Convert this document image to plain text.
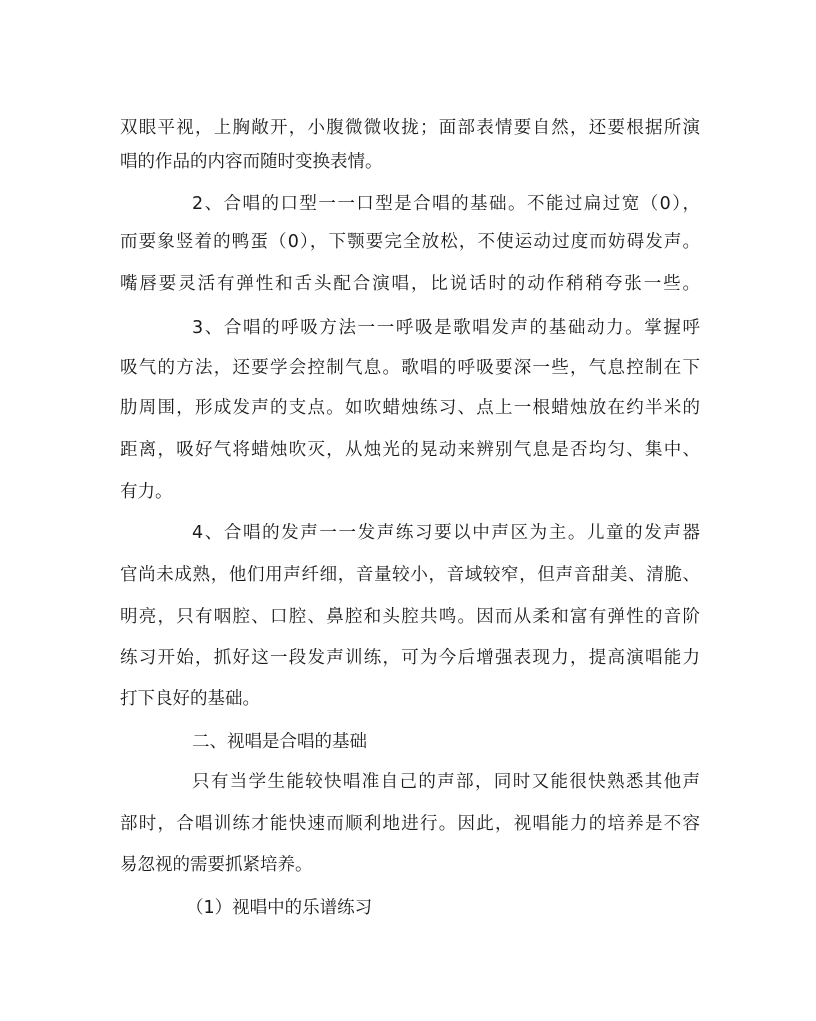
双眼平视，上胸敞开，小腹微微收拢；面部表情要自然，还要根据所演
唱的作品的内容而随时变换表情。
2、合唱的口型一一口型是合唱的基础。不能过扁过宽（0），
而要象竖着的鸭蛋（0），下颚要完全放松，不使运动过度而妨碍发声。
嘴唇要灵活有弹性和舌头配合演唱，比说话时的动作稍稍夸张一些。
3、合唱的呼吸方法一一呼吸是歌唱发声的基础动力。掌握呼
吸气的方法，还要学会控制气息。歌唱的呼吸要深一些，气息控制在下
肋周围，形成发声的支点。如吹蜡烛练习、点上一根蜡烛放在约半米的
距离，吸好气将蜡烛吹灭，从烛光的晃动来辨别气息是否均匀、集中、
有力。
4、合唱的发声一一发声练习要以中声区为主。儿童的发声器
官尚未成熟，他们用声纤细，音量较小，音域较窄，但声音甜美、清脆、
明亮，只有咽腔、口腔、鼻腔和头腔共鸣。因而从柔和富有弹性的音阶
练习开始，抓好这一段发声训练，可为今后增强表现力，提高演唱能力
打下良好的基础。
二、视唱是合唱的基础
只有当学生能较快唱准自己的声部，同时又能很快熟悉其他声
部时，合唱训练才能快速而顺利地进行。因此，视唱能力的培养是不容
易忽视的需要抓紧培养。
（1）视唱中的乐谱练习
